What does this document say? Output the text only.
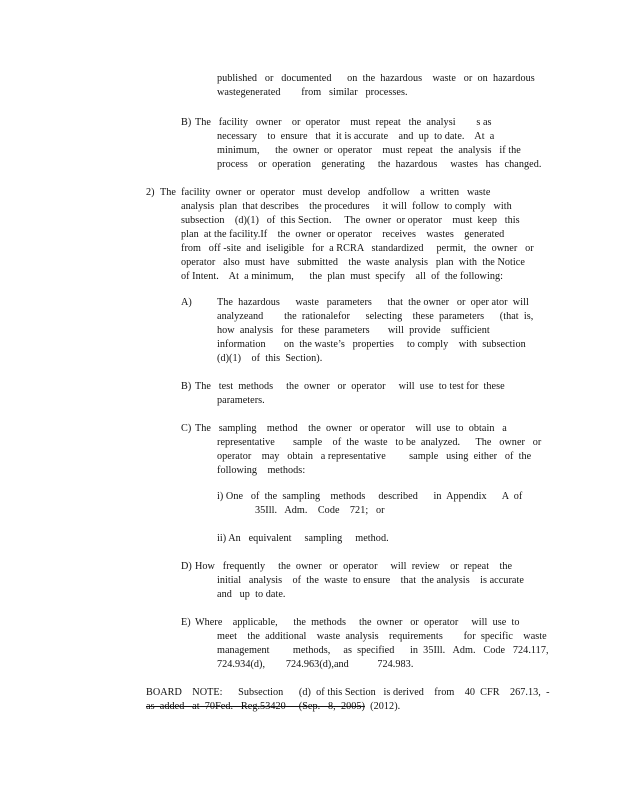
published   or   documented      on  the  hazardous    waste   or  on  hazardous
wastegenerated        from   similar   processes.
B) The   facility   owner    or  operator    must  repeat   the  analysi        s as
necessary    to  ensure   that  it is accurate    and  up  to date.    At  a
minimum,      the  owner  or  operator    must  repeat   the  analysis   if the
process    or  operation    generating     the  hazardous     wastes   has  changed.
2) The  facility  owner  or  operator   must  develop   andfollow    a  written   waste
analysis  plan  that describes    the procedures     it will  follow  to comply   with
subsection    (d)(1)   of  this Section.     The  owner  or operator    must  keep   this
plan  at the facility.If    the  owner  or operator    receives    wastes    generated
from   off -site  and  iseligible   for  a RCRA   standardized     permit,   the  owner   or
operator   also  must  have   submitted    the  waste  analysis   plan  with  the Notice
of Intent.    At  a minimum,      the  plan  must  specify    all  of  the following:
A) The  hazardous      waste   parameters      that  the owner   or  oper ator  will
analyzeand        the  rationalefor      selecting    these  parameters      (that  is,
how  analysis   for  these  parameters       will  provide    sufficient
information       on  the waste’s   properties     to comply    with  subsection
(d)(1)    of  this  Section).
B) The   test  methods     the  owner   or  operator     will  use  to test for  these
parameters.
C) The   sampling    method    the  owner   or operator    will  use  to  obtain   a
representative       sample    of  the  waste   to be  analyzed.      The   owner   or
operator    may   obtain   a representative         sample   using  either   of  the
following    methods:
i) One   of  the  sampling    methods     described      in  Appendix      A  of
35Ill.   Adm.    Code    721;   or
ii) An   equivalent     sampling     method.
D) How   frequently     the  owner   or  operator     will  review    or  repeat    the
initial   analysis    of  the  waste  to ensure    that  the analysis    is accurate
and   up  to date.
E) Where    applicable,      the  methods     the  owner   or  operator     will  use  to
meet    the  additional    waste  analysis    requirements        for  specific    waste
management         methods,     as  specified      in  35Ill.   Adm.   Code   724.117,
724.934(d),        724.963(d),and           724.983.
BOARD    NOTE:      Subsection      (d)  of this Section   is derived    from    40  CFR    267.13,  -
as  added   at  70Fed.   Reg.53420     (Sep.   8,  2005)  (2012).
